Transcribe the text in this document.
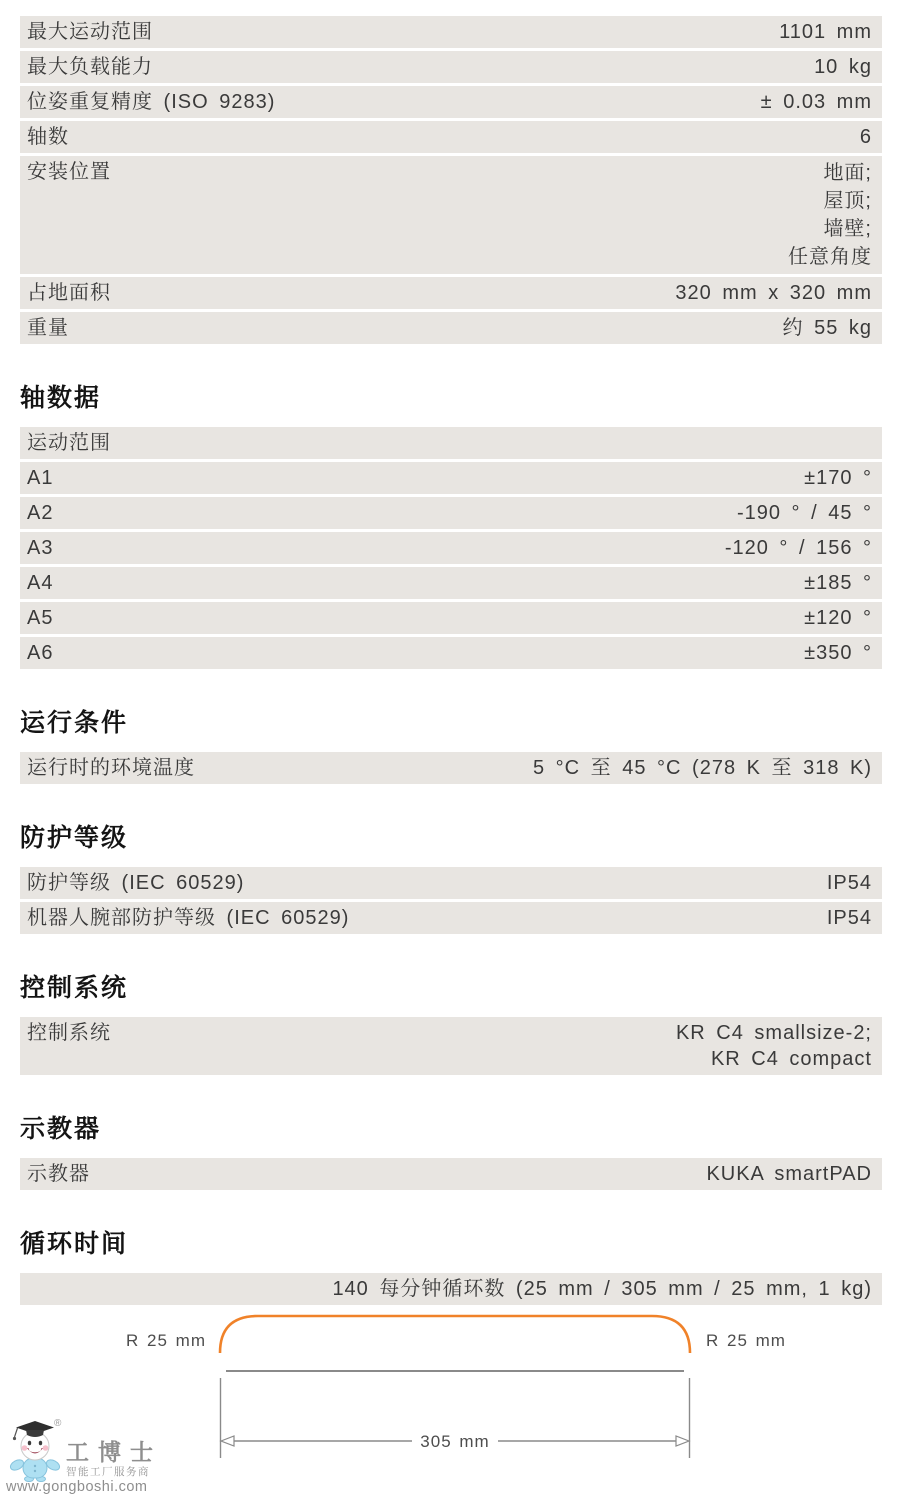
最大运动范围	1101 mm
最大负载能力	10 kg
位姿重复精度 (ISO 9283)	± 0.03 mm
轴数	6
安装位置	地面;
屋顶;
墙壁;
任意角度
占地面积	320 mm x 320 mm
重量	约 55 kg
轴数据
运动范围
A1	±170 °
A2	-190 ° / 45 °
A3	-120 ° / 156 °
A4	±185 °
A5	±120 °
A6	±350 °
运行条件
运行时的环境温度	5 °C 至 45 °C (278 K 至 318 K)
防护等级
防护等级 (IEC 60529)	IP54
机器人腕部防护等级 (IEC 60529)	IP54
控制系统
控制系统	KR C4 smallsize-2;
KR C4 compact
示教器
示教器	KUKA smartPAD
循环时间
140 每分钟循环数 (25 mm / 305 mm / 25 mm, 1 kg)
R 25 mm	R 25 mm
305 mm
®
工博士
智能工厂服务商
www.gongboshi.com
